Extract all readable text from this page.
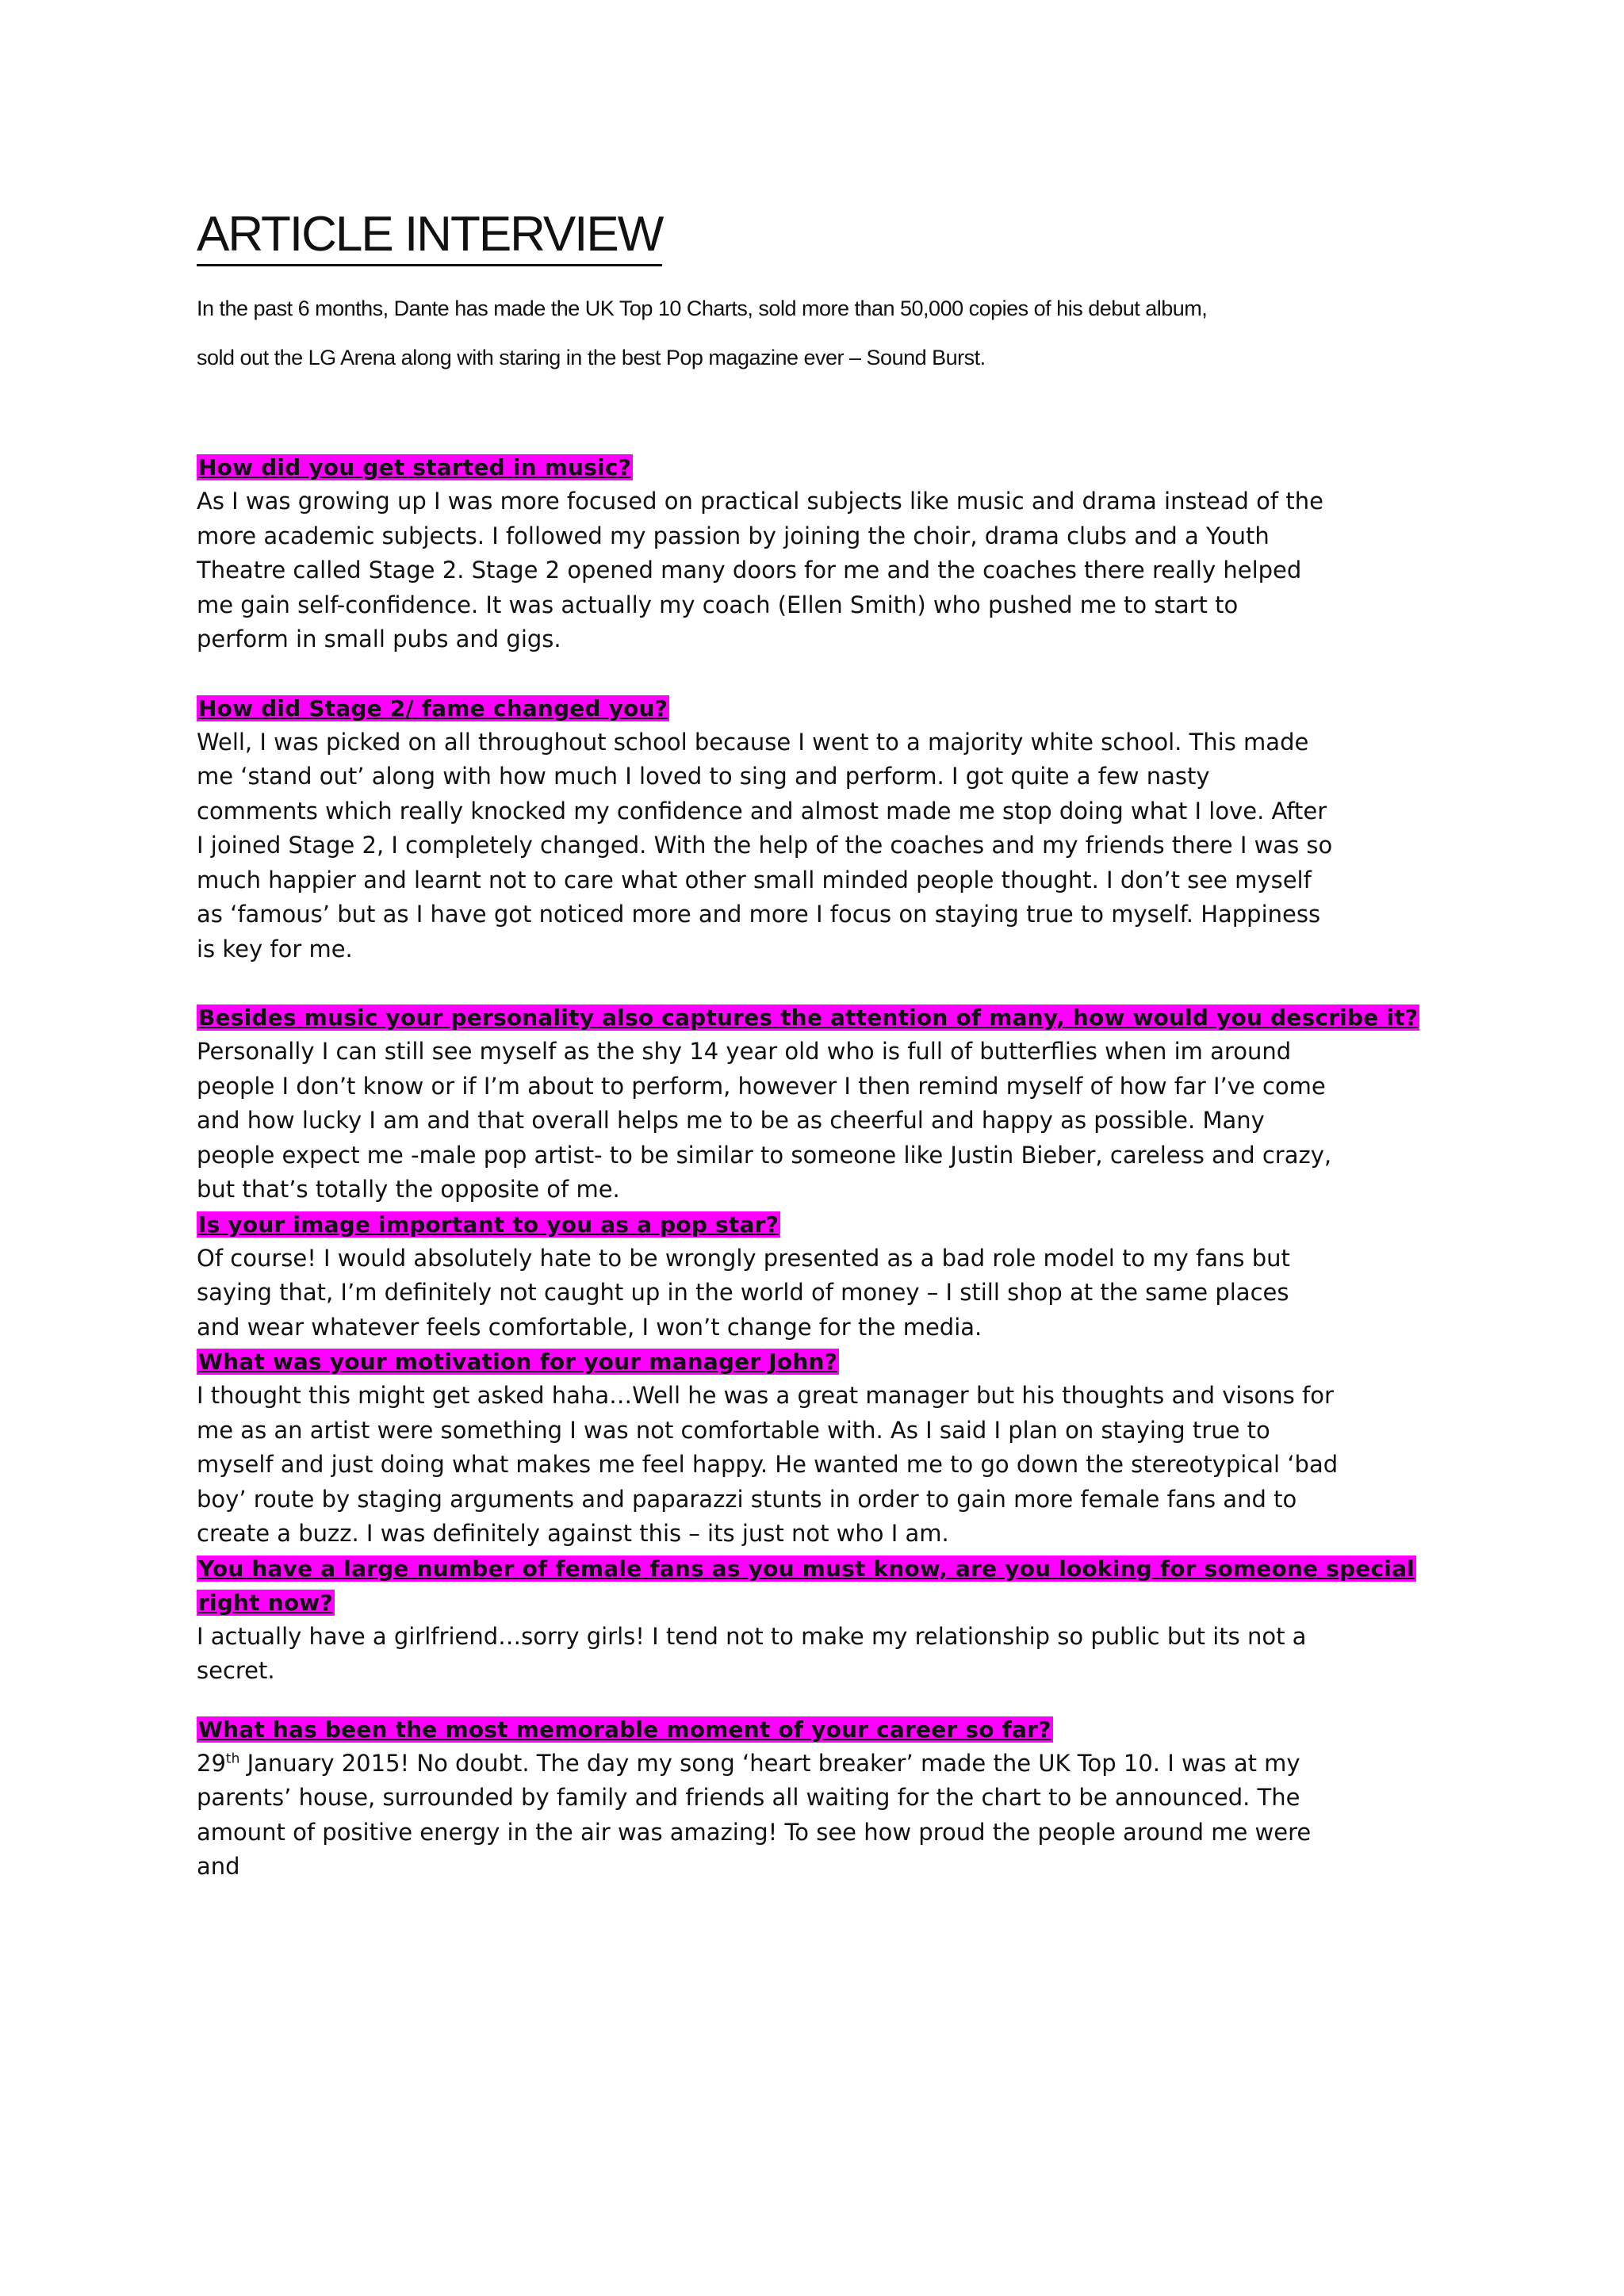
ARTICLE INTERVIEW
In the past 6 months, Dante has made the UK Top 10 Charts, sold more than 50,000 copies of his debut album,
sold out the LG Arena along with staring in the best Pop magazine ever – Sound Burst.
How did you get started in music?
As I was growing up I was more focused on practical subjects like music and drama instead of the
more academic subjects. I followed my passion by joining the choir, drama clubs and a Youth
Theatre called Stage 2. Stage 2 opened many doors for me and the coaches there really helped
me gain self-confidence. It was actually my coach (Ellen Smith) who pushed me to start to
perform in small pubs and gigs.
How did Stage 2/ fame changed you?
Well, I was picked on all throughout school because I went to a majority white school. This made
me ‘stand out’ along with how much I loved to sing and perform. I got quite a few nasty
comments which really knocked my confidence and almost made me stop doing what I love. After
I joined Stage 2, I completely changed. With the help of the coaches and my friends there I was so
much happier and learnt not to care what other small minded people thought. I don’t see myself
as ‘famous’ but as I have got noticed more and more I focus on staying true to myself. Happiness
is key for me.
Besides music your personality also captures the attention of many, how would you describe it?
Personally I can still see myself as the shy 14 year old who is full of butterflies when im around
people I don’t know or if I’m about to perform, however I then remind myself of how far I’ve come
and how lucky I am and that overall helps me to be as cheerful and happy as possible. Many
people expect me -male pop artist- to be similar to someone like Justin Bieber, careless and crazy,
but that’s totally the opposite of me.
Is your image important to you as a pop star?
Of course! I would absolutely hate to be wrongly presented as a bad role model to my fans but
saying that, I’m definitely not caught up in the world of money – I still shop at the same places
and wear whatever feels comfortable, I won’t change for the media.
What was your motivation for your manager John?
I thought this might get asked haha…Well he was a great manager but his thoughts and visons for
me as an artist were something I was not comfortable with. As I said I plan on staying true to
myself and just doing what makes me feel happy. He wanted me to go down the stereotypical ‘bad
boy’ route by staging arguments and paparazzi stunts in order to gain more female fans and to
create a buzz. I was definitely against this – its just not who I am.
You have a large number of female fans as you must know, are you looking for someone special right now?
I actually have a girlfriend…sorry girls! I tend not to make my relationship so public but its not a
secret.
What has been the most memorable moment of your career so far?
29th January 2015! No doubt. The day my song ‘heart breaker’ made the UK Top 10. I was at my
parents’ house, surrounded by family and friends all waiting for the chart to be announced. The
amount of positive energy in the air was amazing! To see how proud the people around me were
and
